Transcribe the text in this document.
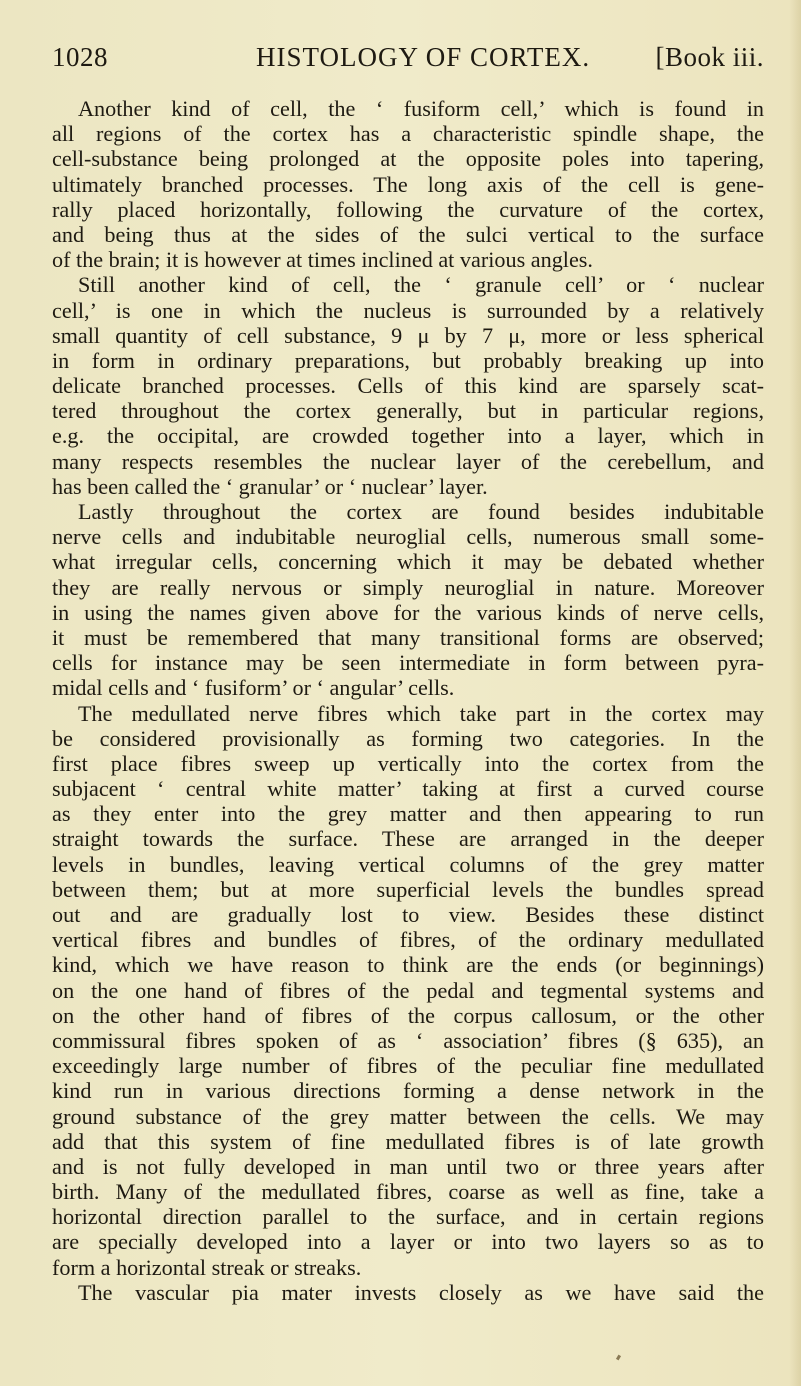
1028	HISTOLOGY OF CORTEX. [Book iii.
Another kind of cell, the ‘ fusiform cell,’ which is found in
all regions of the cortex has a characteristic spindle shape, the
cell-substance being prolonged at the opposite poles into tapering,
ultimately branched processes. The long axis of the cell is gene-
rally placed horizontally, following the curvature of the cortex,
and being thus at the sides of the sulci vertical to the surface
of the brain; it is however at times inclined at various angles.
Still another kind of cell, the ‘ granule cell’ or ‘ nuclear
cell,’ is one in which the nucleus is surrounded by a relatively
small quantity of cell substance, 9 μ by 7 μ, more or less spherical
in form in ordinary preparations, but probably breaking up into
delicate branched processes. Cells of this kind are sparsely scat-
tered throughout the cortex generally, but in particular regions,
e.g. the occipital, are crowded together into a layer, which in
many respects resembles the nuclear layer of the cerebellum, and
has been called the ‘ granular’ or ‘ nuclear’ layer.
Lastly throughout the cortex are found besides indubitable
nerve cells and indubitable neuroglial cells, numerous small some-
what irregular cells, concerning which it may be debated whether
they are really nervous or simply neuroglial in nature. Moreover
in using the names given above for the various kinds of nerve cells,
it must be remembered that many transitional forms are observed;
cells for instance may be seen intermediate in form between pyra-
midal cells and ‘ fusiform’ or ‘ angular’ cells.
The medullated nerve fibres which take part in the cortex may
be considered provisionally as forming two categories. In the
first place fibres sweep up vertically into the cortex from the
subjacent ‘ central white matter’ taking at first a curved course
as they enter into the grey matter and then appearing to run
straight towards the surface. These are arranged in the deeper
levels in bundles, leaving vertical columns of the grey matter
between them; but at more superficial levels the bundles spread
out and are gradually lost to view. Besides these distinct
vertical fibres and bundles of fibres, of the ordinary medullated
kind, which we have reason to think are the ends (or beginnings)
on the one hand of fibres of the pedal and tegmental systems and
on the other hand of fibres of the corpus callosum, or the other
commissural fibres spoken of as ‘ association’ fibres (§ 635), an
exceedingly large number of fibres of the peculiar fine medullated
kind run in various directions forming a dense network in the
ground substance of the grey matter between the cells. We may
add that this system of fine medullated fibres is of late growth
and is not fully developed in man until two or three years after
birth. Many of the medullated fibres, coarse as well as fine, take a
horizontal direction parallel to the surface, and in certain regions
are specially developed into a layer or into two layers so as to
form a horizontal streak or streaks.
The vascular pia mater invests closely as we have said the
